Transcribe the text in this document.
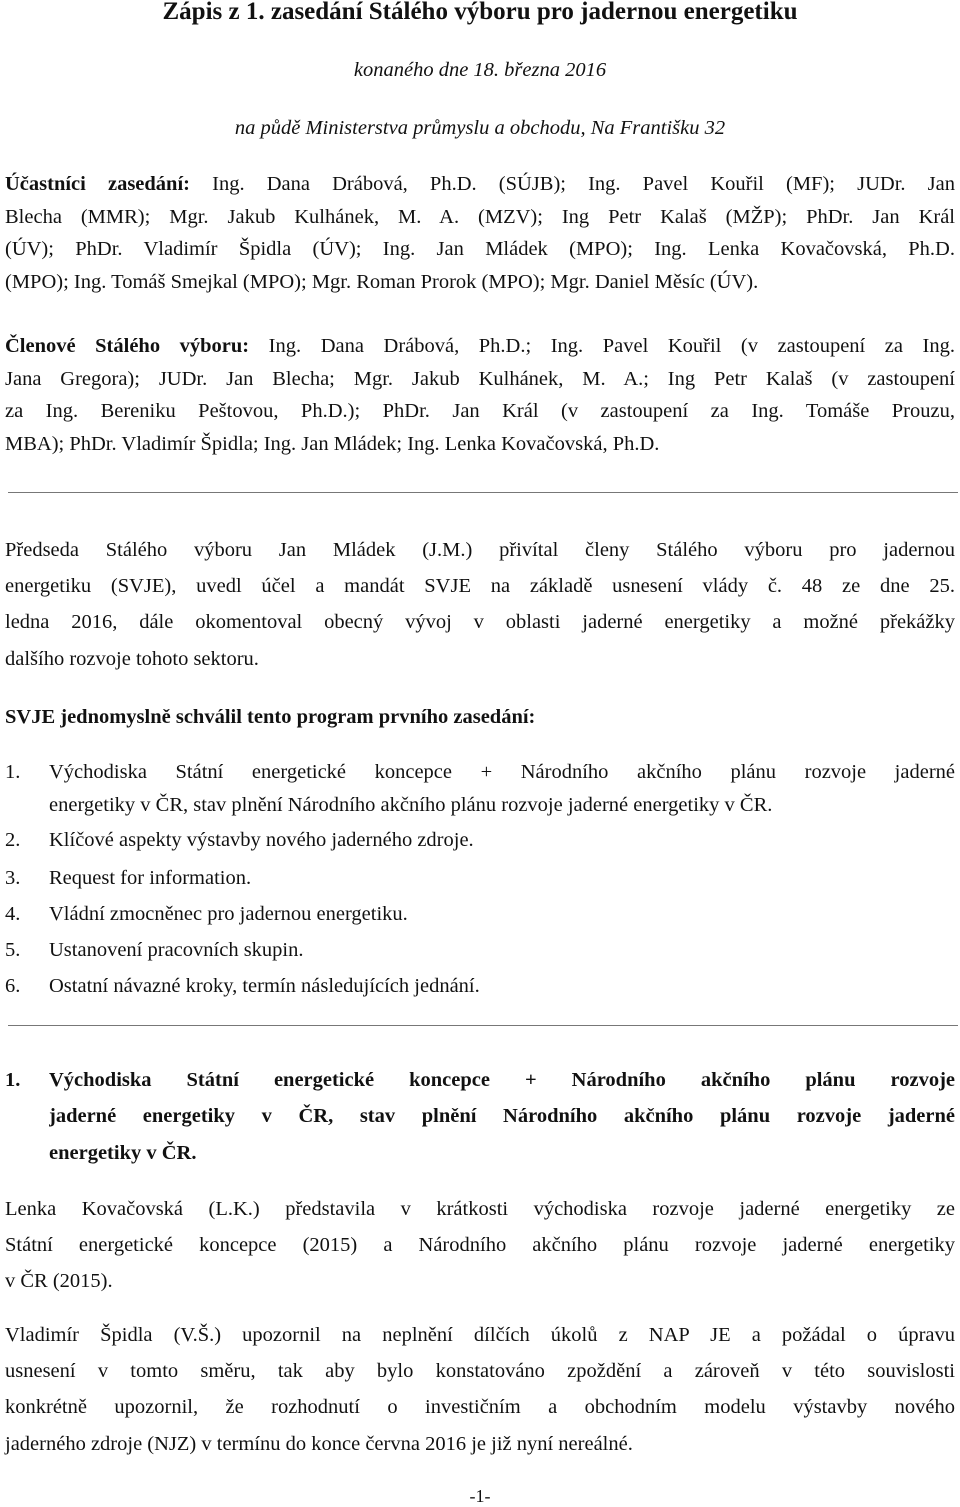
Zápis z 1. zasedání Stálého výboru pro jadernou energetiku
konaného dne 18. března 2016
na půdě Ministerstva průmyslu a obchodu, Na Františku 32
Účastníci zasedání: Ing. Dana Drábová, Ph.D. (SÚJB); Ing. Pavel Kouřil (MF); JUDr. Jan
Blecha (MMR); Mgr. Jakub Kulhánek, M. A. (MZV); Ing Petr Kalaš (MŽP); PhDr. Jan Král
(ÚV); PhDr. Vladimír Špidla (ÚV); Ing. Jan Mládek (MPO); Ing. Lenka Kovačovská, Ph.D.
(MPO); Ing. Tomáš Smejkal (MPO); Mgr. Roman Prorok (MPO); Mgr. Daniel Měsíc (ÚV).
Členové Stálého výboru: Ing. Dana Drábová, Ph.D.; Ing. Pavel Kouřil (v zastoupení za Ing.
Jana Gregora); JUDr. Jan Blecha; Mgr. Jakub Kulhánek, M. A.; Ing Petr Kalaš (v zastoupení
za Ing. Bereniku Peštovou, Ph.D.); PhDr. Jan Král (v zastoupení za Ing. Tomáše Prouzu,
MBA); PhDr. Vladimír Špidla; Ing. Jan Mládek; Ing. Lenka Kovačovská, Ph.D.
Předseda Stálého výboru Jan Mládek (J.M.) přivítal členy Stálého výboru pro jadernou
energetiku (SVJE), uvedl účel a mandát SVJE na základě usnesení vlády č. 48 ze dne 25.
ledna 2016, dále okomentoval obecný vývoj v oblasti jaderné energetiky a možné překážky
dalšího rozvoje tohoto sektoru.
SVJE jednomyslně schválil tento program prvního zasedání:
1. Východiska Státní energetické koncepce + Národního akčního plánu rozvoje jaderné
energetiky v ČR, stav plnění Národního akčního plánu rozvoje jaderné energetiky v ČR.
2. Klíčové aspekty výstavby nového jaderného zdroje.
3. Request for information.
4. Vládní zmocněnec pro jadernou energetiku.
5. Ustanovení pracovních skupin.
6. Ostatní návazné kroky, termín následujících jednání.
1. Východiska Státní energetické koncepce + Národního akčního plánu rozvoje
jaderné energetiky v ČR, stav plnění Národního akčního plánu rozvoje jaderné
energetiky v ČR.
Lenka Kovačovská (L.K.) představila v krátkosti východiska rozvoje jaderné energetiky ze
Státní energetické koncepce (2015) a Národního akčního plánu rozvoje jaderné energetiky
v ČR (2015).
Vladimír Špidla (V.Š.) upozornil na neplnění dílčích úkolů z NAP JE a požádal o úpravu
usnesení v tomto směru, tak aby bylo konstatováno zpoždění a zároveň v této souvislosti
konkrétně upozornil, že rozhodnutí o investičním a obchodním modelu výstavby nového
jaderného zdroje (NJZ) v termínu do konce června 2016 je již nyní nereálné.
-1-
